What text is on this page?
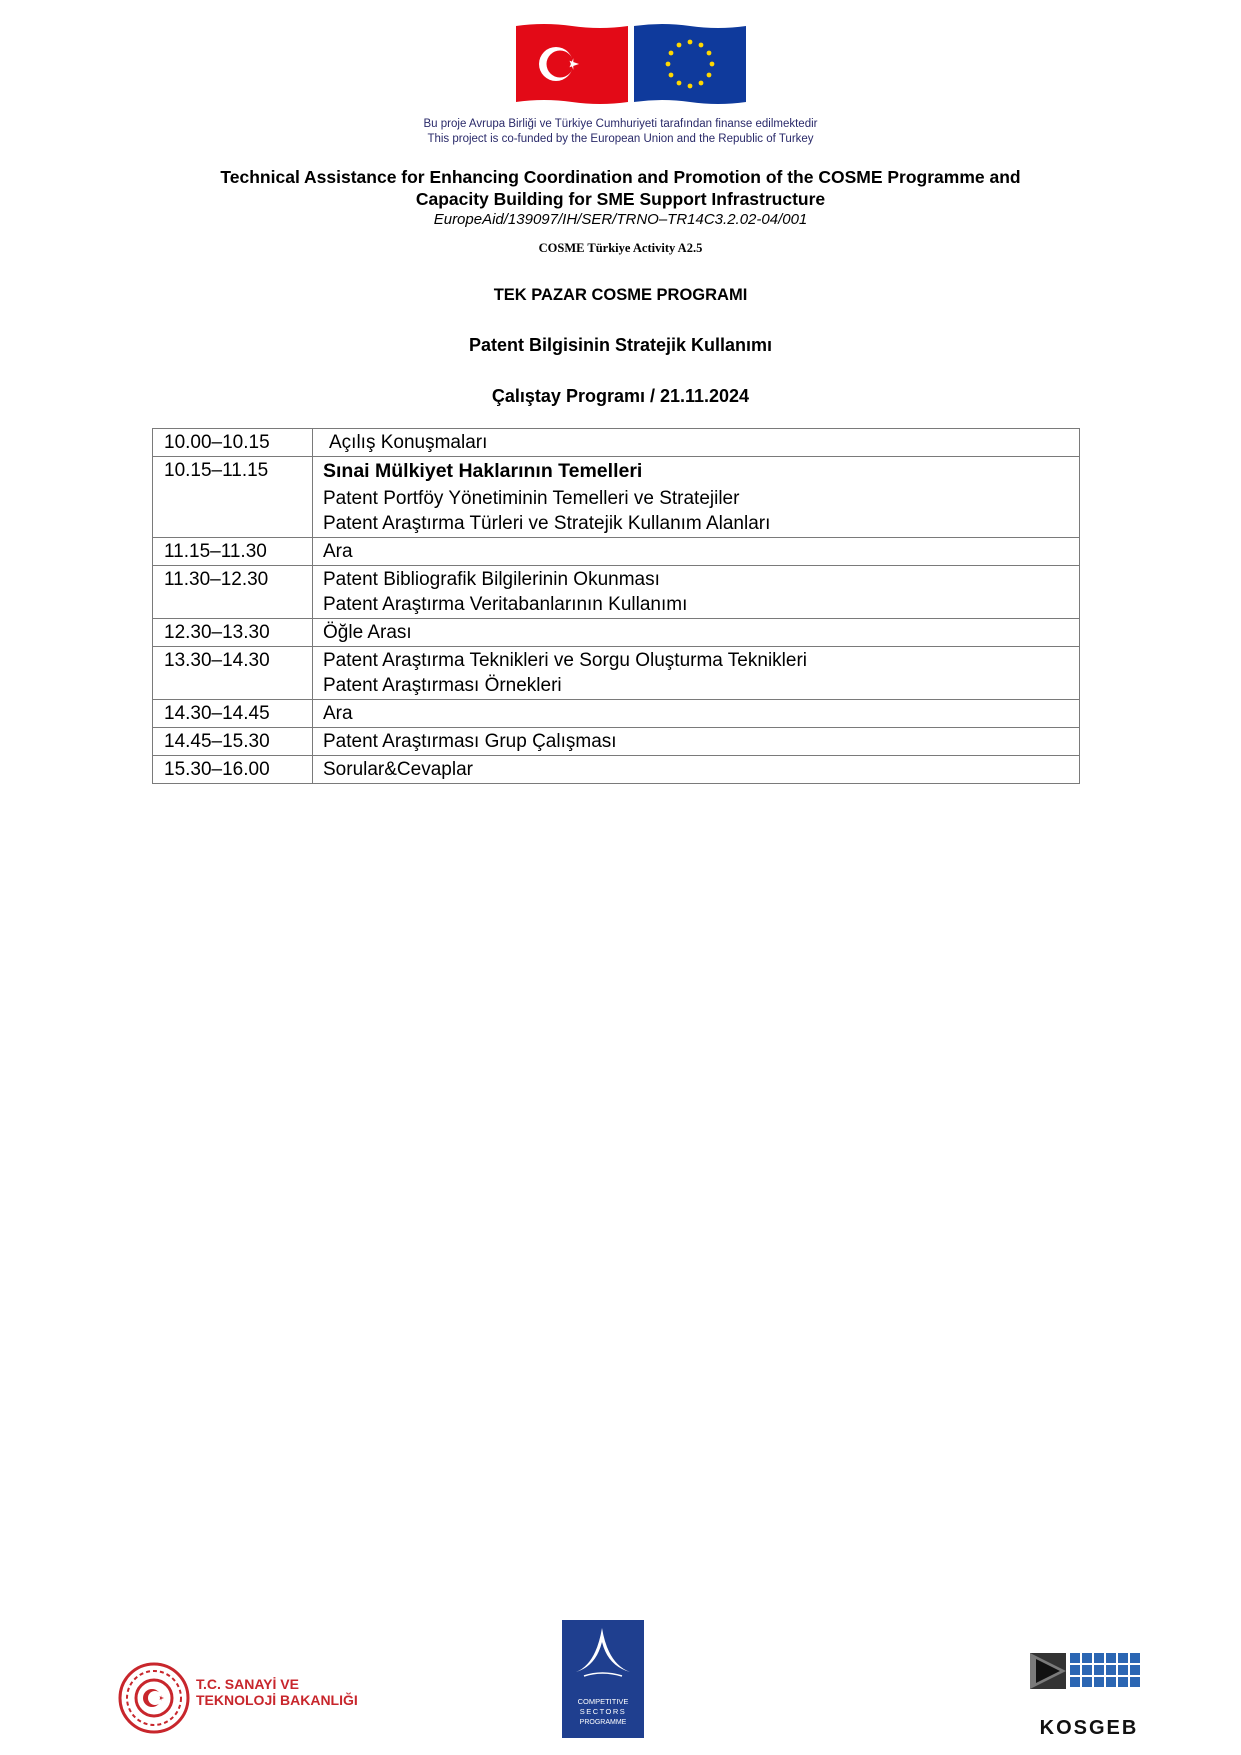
Bu proje Avrupa Birliği ve Türkiye Cumhuriyeti tarafından finanse edilmektedir
This project is co-funded by the European Union and the Republic of Turkey
Technical Assistance for Enhancing Coordination and Promotion of the COSME Programme and
Capacity Building for SME Support Infrastructure
EuropeAid/139097/IH/SER/TRNO–TR14C3.2.02-04/001
COSME Türkiye Activity A2.5
TEK PAZAR COSME PROGRAMI
Patent Bilgisinin Stratejik Kullanımı
Çalıştay Programı / 21.11.2024
10.00–10.15	Açılış Konuşmaları

10.15–11.15	Sınai Mülkiyet Haklarının Temelleri
Patent Portföy Yönetiminin Temelleri ve Stratejiler
Patent Araştırma Türleri ve Stratejik Kullanım Alanları

11.15–11.30	Ara

11.30–12.30	Patent Bibliografik Bilgilerinin Okunması
Patent Araştırma Veritabanlarının Kullanımı

12.30–13.30	Öğle Arası

13.30–14.30	Patent Araştırma Teknikleri ve Sorgu Oluşturma Teknikleri
Patent Araştırması Örnekleri

14.30–14.45	Ara

14.45–15.30	Patent Araştırması Grup Çalışması

15.30–16.00	Sorular&Cevaplar
T.C. SANAYİ VE
TEKNOLOJİ BAKANLIĞI	COMPETITIVE
SECTORS
PROGRAMME	KOSGEB
